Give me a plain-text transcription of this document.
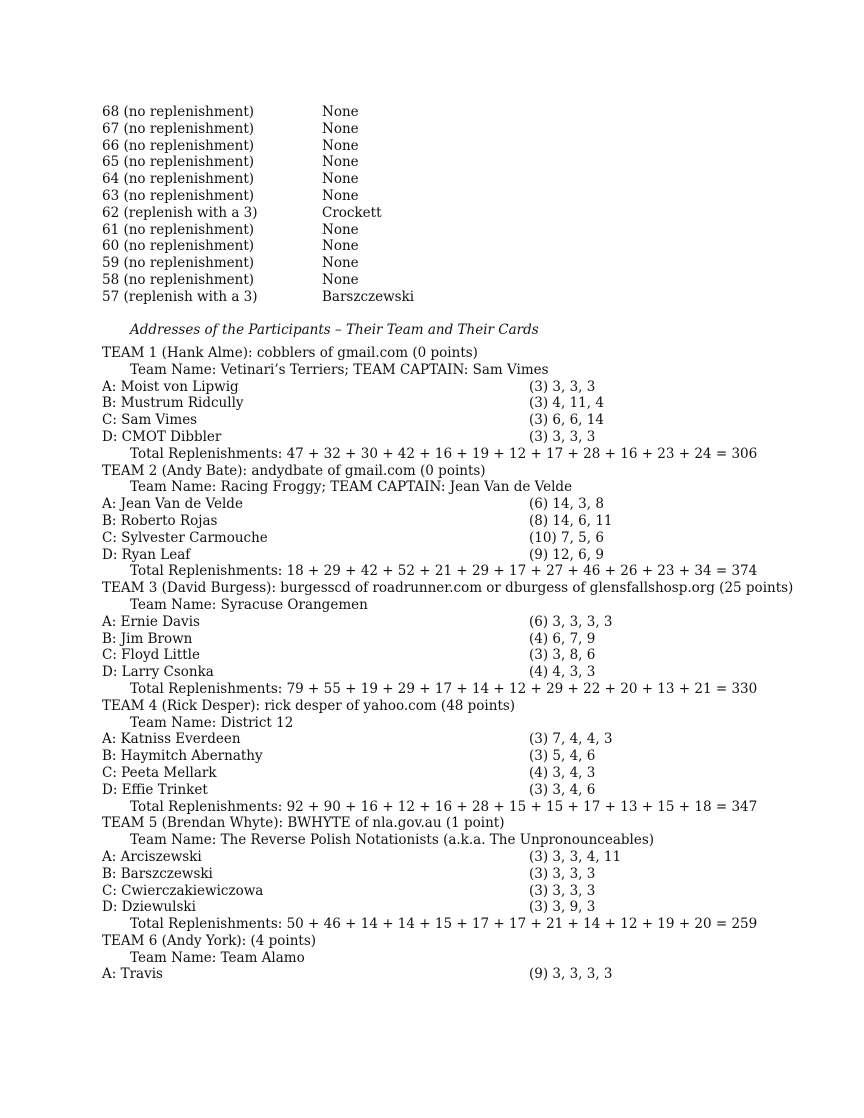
68 (no replenishment)	None
67 (no replenishment)	None
66 (no replenishment)	None
65 (no replenishment)	None
64 (no replenishment)	None
63 (no replenishment)	None
62 (replenish with a 3)	Crockett
61 (no replenishment)	None
60 (no replenishment)	None
59 (no replenishment)	None
58 (no replenishment)	None
57 (replenish with a 3)	Barszczewski
Addresses of the Participants – Their Team and Their Cards
TEAM 1 (Hank Alme): cobblers of gmail.com (0 points)
Team Name: Vetinari’s Terriers; TEAM CAPTAIN: Sam Vimes
A: Moist von Lipwig	(3) 3, 3, 3
B: Mustrum Ridcully	(3) 4, 11, 4
C: Sam Vimes	(3) 6, 6, 14
D: CMOT Dibbler	(3) 3, 3, 3
Total Replenishments: 47 + 32 + 30 + 42 + 16 + 19 + 12 + 17 + 28 + 16 + 23 + 24 = 306
TEAM 2 (Andy Bate): andydbate of gmail.com (0 points)
Team Name: Racing Froggy; TEAM CAPTAIN: Jean Van de Velde
A: Jean Van de Velde	(6) 14, 3, 8
B: Roberto Rojas	(8) 14, 6, 11
C: Sylvester Carmouche	(10) 7, 5, 6
D: Ryan Leaf	(9) 12, 6, 9
Total Replenishments: 18 + 29 + 42 + 52 + 21 + 29 + 17 + 27 + 46 + 26 + 23 + 34 = 374
TEAM 3 (David Burgess): burgesscd of roadrunner.com or dburgess of glensfallshosp.org (25 points)
Team Name: Syracuse Orangemen
A: Ernie Davis	(6) 3, 3, 3, 3
B: Jim Brown	(4) 6, 7, 9
C: Floyd Little	(3) 3, 8, 6
D: Larry Csonka	(4) 4, 3, 3
Total Replenishments: 79 + 55 + 19 + 29 + 17 + 14 + 12 + 29 + 22 + 20 + 13 + 21 = 330
TEAM 4 (Rick Desper): rick desper of yahoo.com (48 points)
Team Name: District 12
A: Katniss Everdeen	(3) 7, 4, 4, 3
B: Haymitch Abernathy	(3) 5, 4, 6
C: Peeta Mellark	(4) 3, 4, 3
D: Effie Trinket	(3) 3, 4, 6
Total Replenishments: 92 + 90 + 16 + 12 + 16 + 28 + 15 + 15 + 17 + 13 + 15 + 18 = 347
TEAM 5 (Brendan Whyte): BWHYTE of nla.gov.au (1 point)
Team Name: The Reverse Polish Notationists (a.k.a. The Unpronounceables)
A: Arciszewski	(3) 3, 3, 4, 11
B: Barszczewski	(3) 3, 3, 3
C: Cwierczakiewiczowa	(3) 3, 3, 3
D: Dziewulski	(3) 3, 9, 3
Total Replenishments: 50 + 46 + 14 + 14 + 15 + 17 + 17 + 21 + 14 + 12 + 19 + 20 = 259
TEAM 6 (Andy York): (4 points)
Team Name: Team Alamo
A: Travis	(9) 3, 3, 3, 3
